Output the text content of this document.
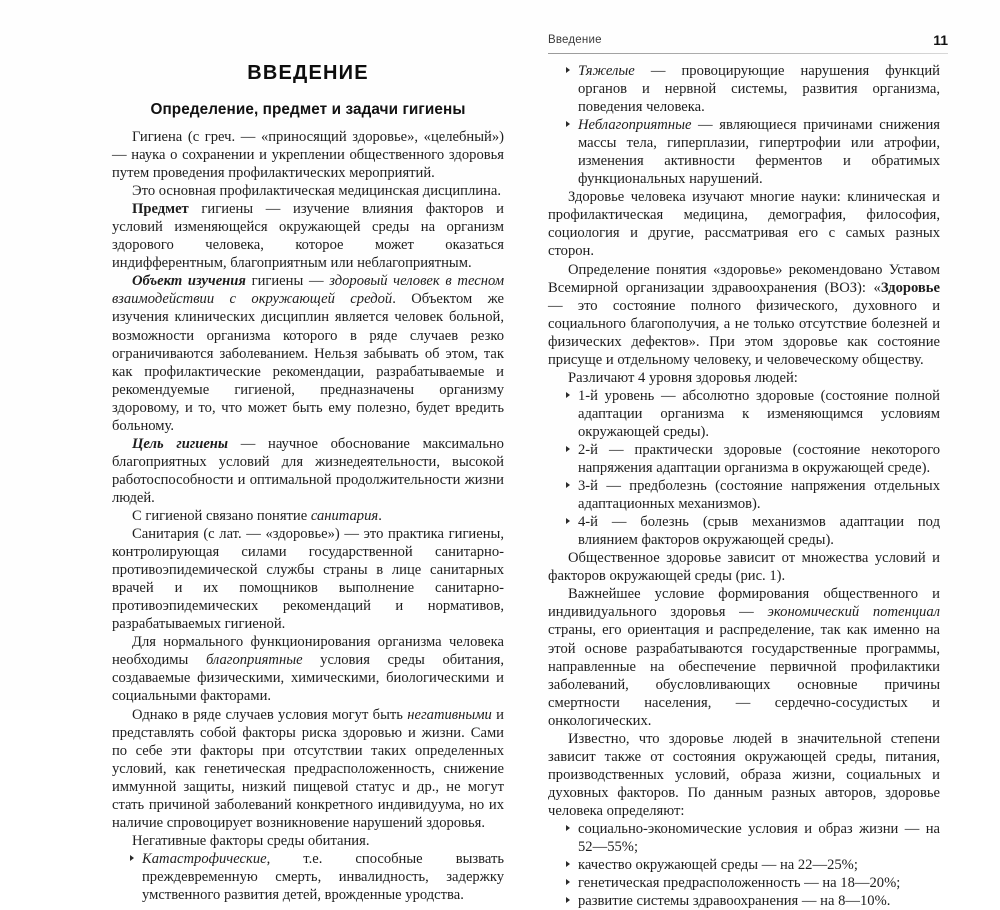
Введение	11
ВВЕДЕНИЕ
Определение, предмет и задачи гигиены

Гигиена (с греч. — «приносящий здоровье», «целебный») — наука о сохранении и укреплении общественного здоровья путем проведения профилактических мероприятий.

Это основная профилактическая медицинская дисциплина.

Предмет гигиены — изучение влияния факторов и условий изменяющейся окружающей среды на организм здорового человека, которое может оказаться индифферентным, благоприятным или неблагоприятным.

Объект изучения гигиены — здоровый человек в тесном взаимодействии с окружающей средой. Объектом же изучения клинических дисциплин является человек больной, возможности организма которого в ряде случаев резко ограничиваются заболеванием. Нельзя забывать об этом, так как профилактические рекомендации, разрабатываемые и рекомендуемые гигиеной, предназначены организму здоровому, и то, что может быть ему полезно, будет вредить больному.

Цель гигиены — научное обоснование максимально благоприятных условий для жизнедеятельности, высокой работоспособности и оптимальной продолжительности жизни людей.

С гигиеной связано понятие санитария.

Санитария (с лат. — «здоровье») — это практика гигиены, контролирующая силами государственной санитарно-противоэпидемической службы страны в лице санитарных врачей и их помощников выполнение санитарно-противоэпидемических рекомендаций и нормативов, разрабатываемых гигиеной.

Для нормального функционирования организма человека необходимы благоприятные условия среды обитания, создаваемые физическими, химическими, биологическими и социальными факторами.

Однако в ряде случаев условия могут быть негативными и представлять собой факторы риска здоровью и жизни. Сами по себе эти факторы при отсутствии таких определенных условий, как генетическая предрасположенность, снижение иммунной защиты, низкий пищевой статус и др., не могут стать причиной заболеваний конкретного индивидуума, но их наличие спровоцирует возникновение нарушений здоровья.

Негативные факторы среды обитания.

Катастрофические, т.е. способные вызвать преждевременную смерть, инвалидность, задержку умственного развития детей, врожденные уродства.
Тяжелые — провоцирующие нарушения функций органов и нервной системы, развития организма, поведения человека.
Неблагоприятные — являющиеся причинами снижения массы тела, гиперплазии, гипертрофии или атрофии, изменения активности ферментов и обратимых функциональных нарушений.

Здоровье человека изучают многие науки: клиническая и профилактическая медицина, демография, философия, социология и другие, рассматривая его с самых разных сторон.

Определение понятия «здоровье» рекомендовано Уставом Всемирной организации здравоохранения (ВОЗ): «Здоровье — это состояние полного физического, духовного и социального благополучия, а не только отсутствие болезней и физических дефектов». При этом здоровье как состояние присуще и отдельному человеку, и человеческому обществу.

Различают 4 уровня здоровья людей:

1-й уровень — абсолютно здоровые (состояние полной адаптации организма к изменяющимся условиям окружающей среды).
2-й — практически здоровые (состояние некоторого напряжения адаптации организма в окружающей среде).
3-й — предболезнь (состояние напряжения отдельных адаптационных механизмов).
4-й — болезнь (срыв механизмов адаптации под влиянием факторов окружающей среды).

Общественное здоровье зависит от множества условий и факторов окружающей среды (рис. 1).

Важнейшее условие формирования общественного и индивидуального здоровья — экономический потенциал страны, его ориентация и распределение, так как именно на этой основе разрабатываются государственные программы, направленные на обеспечение первичной профилактики заболеваний, обусловливающих основные причины смертности населения, — сердечно-сосудистых и онкологических.

Известно, что здоровье людей в значительной степени зависит также от состояния окружающей среды, питания, производственных условий, образа жизни, социальных и духовных факторов. По данным разных авторов, здоровье человека определяют:

социально-экономические условия и образ жизни — на 52—55%;
качество окружающей среды — на 22—25%;
генетическая предрасположенность — на 18—20%;
развитие системы здравоохранения — на 8—10%.
